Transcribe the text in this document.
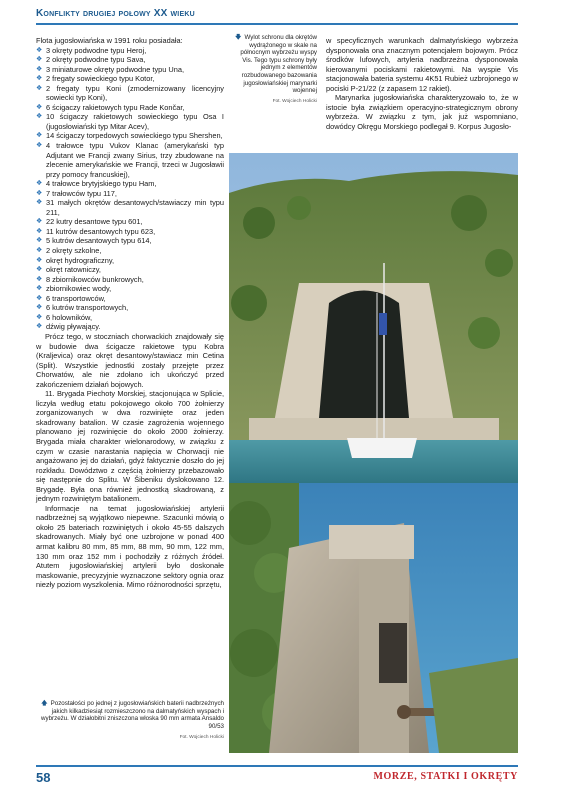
Konflikty drugiej połowy XX wieku

Flota jugosłowiańska w 1991 roku posiadała:

❖ 3 okręty podwodne typu Heroj,
❖ 2 okręty podwodne typu Sava,
❖ 3 miniaturowe okręty podwodne typu Una,
❖ 2 fregaty sowieckiego typu Kotor,
❖ 2 fregaty typu Koni (zmodernizowany licencyjny sowiecki typ Koni),
❖ 6 ścigaczy rakietowych typu Rade Končar,
❖ 10 ścigaczy rakietowych sowieckiego typu Osa I (jugosłowiański typ Mitar Acev),
❖ 14 ścigaczy torpedowych sowieckiego typu Shershen,
❖ 4 trałowce typu Vukov Klanac (amerykański typ Adjutant we Francji zwany Sirius, trzy zbudowane na zlecenie amerykańskie we Francji, trzeci w Jugosławii przy pomocy francuskiej),
❖ 4 trałowce brytyjskiego typu Ham,
❖ 7 trałowców typu 117,
❖ 31 małych okrętów desantowych/stawiaczy min typu 211,
❖ 22 kutry desantowe typu 601,
❖ 11 kutrów desantowych typu 623,
❖ 5 kutrów desantowych typu 614,
❖ 2 okręty szkolne,
❖ okręt hydrograficzny,
❖ okręt ratowniczy,
❖ 8 zbiornikowców bunkrowych,
❖ zbiornikowiec wody,
❖ 6 transportowców,
❖ 6 kutrów transportowych,
❖ 6 holowników,
❖ dźwig pływający.

Prócz tego, w stoczniach chorwackich znajdowały się w budowie dwa ścigacze rakietowe typu Kobra (Kraljevica) oraz okręt desantowy/stawiacz min Cetina (Split). Wszystkie jednostki zostały przejęte przez Chorwatów, ale nie zdołano ich ukończyć przed zakończeniem działań bojowych.

11. Brygada Piechoty Morskiej, stacjonująca w Splicie, liczyła według etatu pokojowego około 700 żołnierzy zorganizowanych w dwa rozwinięte oraz jeden skadrowany batalion. W czasie zagrożenia wojennego planowano jej rozwinięcie do około 2000 żołnierzy. Brygada miała charakter wielonarodowy, w związku z czym w czasie narastania napięcia w Chorwacji nie angażowano jej do działań, gdyż faktycznie doszło do jej rozkładu. Dowództwo z częścią żołnierzy przebazowało się następnie do Splitu. W Šibeniku dyslokowano 12. Brygadę. Była ona również jednostką skadrowaną, z jednym rozwiniętym batalionem.

Informacje na temat jugosłowiańskiej artylerii nadbrzeżnej są wyjątkowo niepewne. Szacunki mówią o około 25 bateriach rozwiniętych i około 45-55 dalszych skadrowanych. Miały być one uzbrojone w ponad 400 armat kalibru 80 mm, 85 mm, 88 mm, 90 mm, 122 mm, 130 mm oraz 152 mm i pochodziły z różnych źródeł. Atutem jugosłowiańskiej artylerii było doskonałe maskowanie, precyzyjnie wyznaczone sektory ognia oraz niezły poziom wyszkolenia. Mimo różnorodności sprzętu,

🡇 Wylot schronu dla okrętów wydrążonego w skale na północnym wybrzeżu wyspy Vis. Tego typu schrony były jednym z elementów rozbudowanego bazowania jugosłowiańskiej marynarki wojennej
Fot. Wojciech Holicki

w specyficznych warunkach dalmatyńskiego wybrzeża dysponowała ona znacznym potencjałem bojowym. Prócz środków lufowych, artyleria nadbrzeżna dysponowała kierowanymi pociskami rakietowymi. Na wyspie Vis stacjonowała bateria systemu 4K51 Rubież uzbrojonego w pociski P-21/22 (z zapasem 12 rakiet).

Marynarka jugosłowiańska charakteryzowało to, że w istocie była związkiem operacyjno-strategicznym obrony wybrzeża. W związku z tym, jak już wspomniano, dowódcy Okręgu Morskiego podlegał 9. Korpus Jugosło-

🡅 Pozostałości po jednej z jugosłowiańskich baterii nadbrzeżnych jakich kilkadziesiąt rozmieszczono na dalmatyńskich wyspach i wybrzeżu. W działobitni zniszczona włoska 90 mm armata Ansaldo 90/53
Fot. Wojciech Holicki
58	MORZE, STATKI I OKRĘTY
